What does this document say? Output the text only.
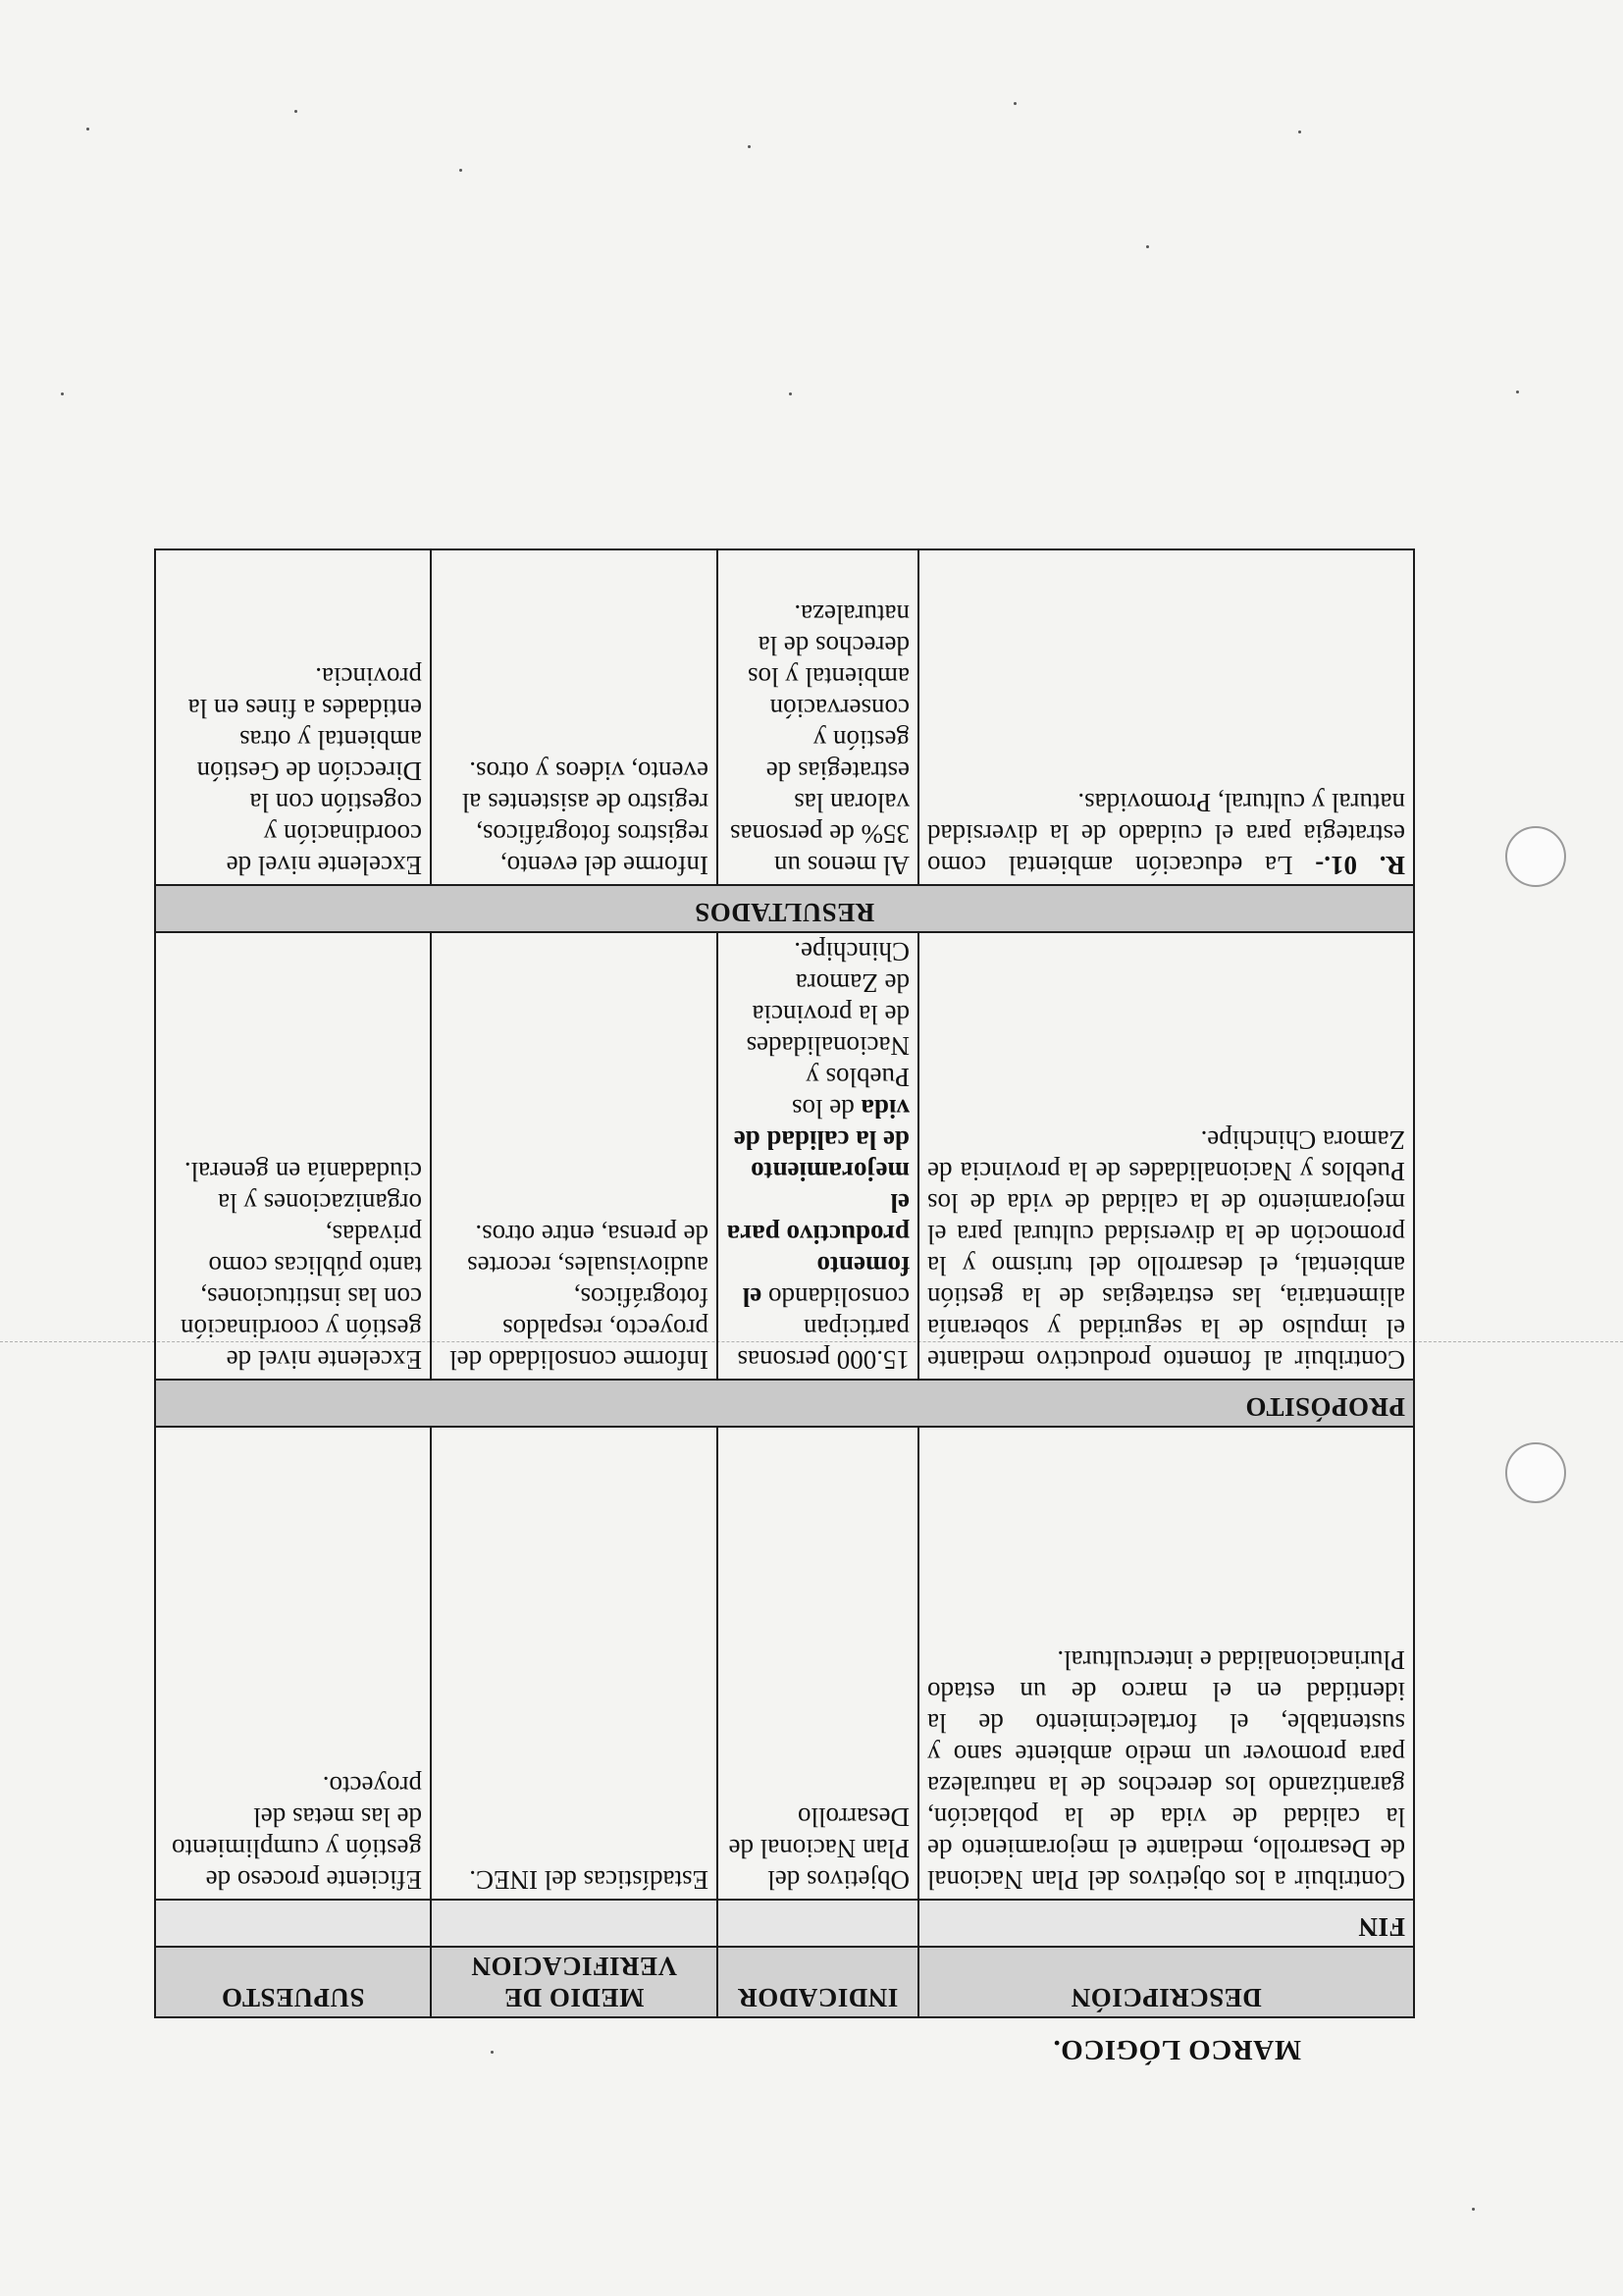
MARCO LÓGICO.
DESCRIPCIÓN	INDICADOR	MEDIO DE VERIFICACION	SUPUESTO
FIN			
Contribuir a los objetivos del Plan Nacional de Desarrollo, mediante el mejoramiento de la calidad de vida de la población, garantizando los derechos de la naturaleza para promover un medio ambiente sano y sustentable, el fortalecimiento de la identidad en el marco de un estado Plurinacionalidad e intercultural.	Objetivos del Plan Nacional de Desarrollo	Estadísticas del INEC.	Eficiente proceso de gestión y cumplimiento de las metas del proyecto.
PROPÓSITO			
Contribuir al fomento productivo mediante el impulso de la seguridad y soberanía alimentaria, las estrategias de la gestión ambiental, el desarrollo del turismo y la promoción de la diversidad cultural para el mejoramiento de la calidad de vida de los Pueblos y Nacionalidades de la provincia de Zamora Chinchipe.	15.000 personas participan consolidando el fomento productivo para el mejoramiento de la calidad de vida de los Pueblos y Nacionalidades de la provincia de Zamora Chinchipe.	Informe consolidado del proyecto, respaldos fotográficos, audiovisuales, recortes de prensa, entre otros.	Excelente nivel de gestión y coordinación con las instituciones, tanto públicas como privadas, organizaciones y la ciudadanía en general.
RESULTADOS			
R. 01.- La educación ambiental como estrategia para el cuidado de la diversidad natural y cultural, Promovidas.	Al menos un 35% de personas valoran las estrategias de gestión y conservación ambiental y los derechos de la naturaleza.	Informe del evento, registros fotográficos, registro de asistentes al evento, videos y otros.	Excelente nivel de coordinación y cogestión con la Dirección de Gestión ambiental y otras entidades a fines en la provincia.
